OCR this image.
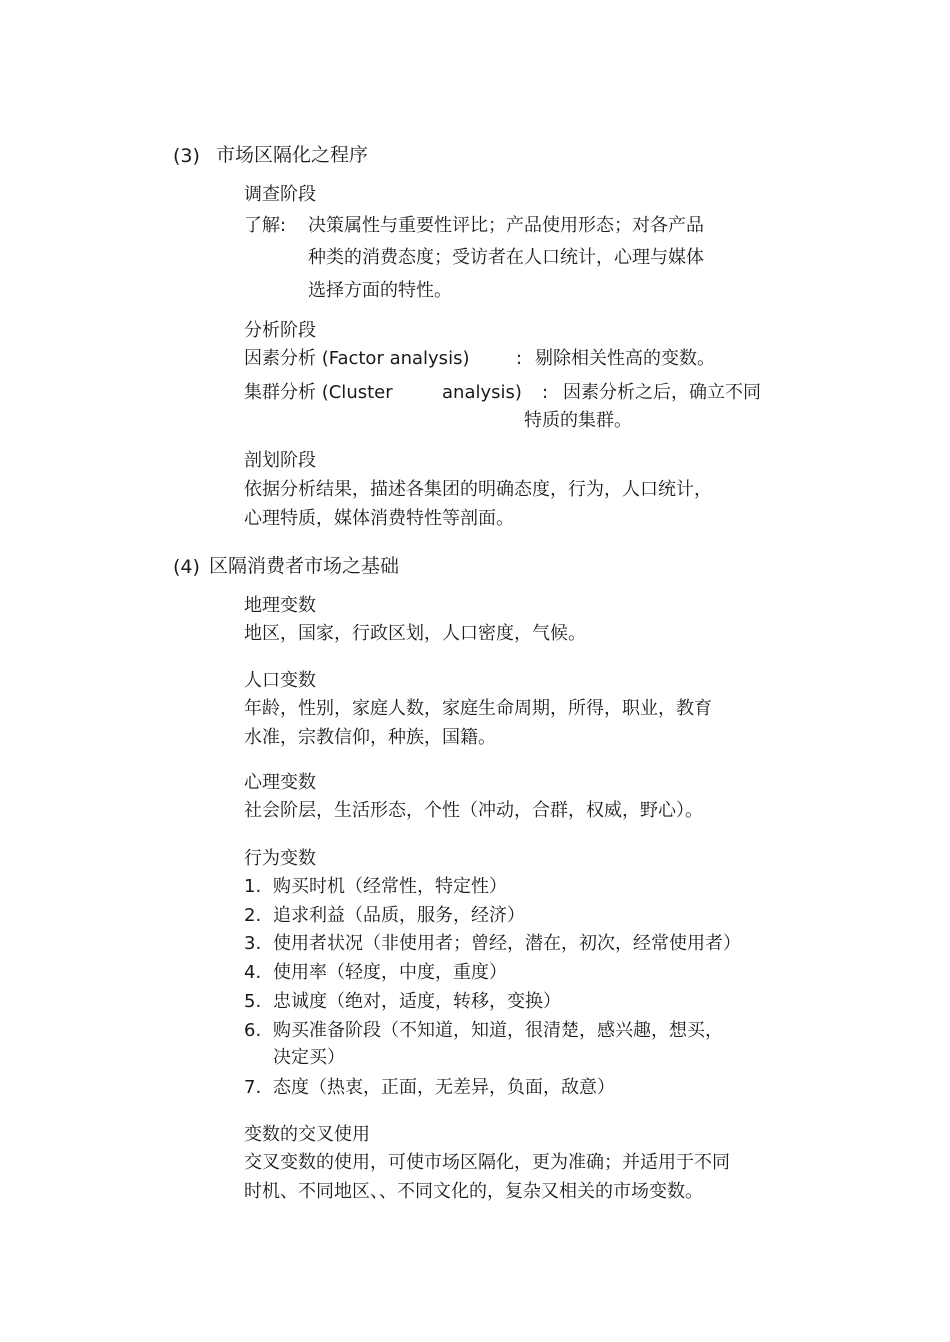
(3) 市场区隔化之程序
调查阶段
了解: 决策属性与重要性评比；产品使用形态；对各产品
种类的消费态度；受访者在人口统计，心理与媒体
选择方面的特性。
分析阶段
因素分析 (Factor analysis)	: 剔除相关性高的变数。
集群分析 (Cluster	analysis) : 因素分析之后，确立不同
特质的集群。
剖划阶段
依据分析结果，描述各集团的明确态度，行为，人口统计，
心理特质，媒体消费特性等剖面。
(4) 区隔消费者市场之基础
地理变数
地区，国家，行政区划，人口密度，气候。
人口变数
年龄，性别，家庭人数，家庭生命周期，所得，职业，教育
水准，宗教信仰，种族，国籍。
心理变数
社会阶层，生活形态，个性（冲动，合群，权威，野心）。
行为变数
1. 购买时机（经常性，特定性）
2. 追求利益（品质，服务，经济）
3. 使用者状况（非使用者；曾经，潜在，初次，经常使用者）
4. 使用率（轻度，中度，重度）
5. 忠诚度（绝对，适度，转移，变换）
6. 购买准备阶段（不知道，知道，很清楚，感兴趣，想买，
决定买）
7. 态度（热衷，正面，无差异，负面，敌意）
变数的交叉使用
交叉变数的使用，可使市场区隔化，更为准确；并适用于不同
时机、不同地区、、不同文化的，复杂又相关的市场变数。
